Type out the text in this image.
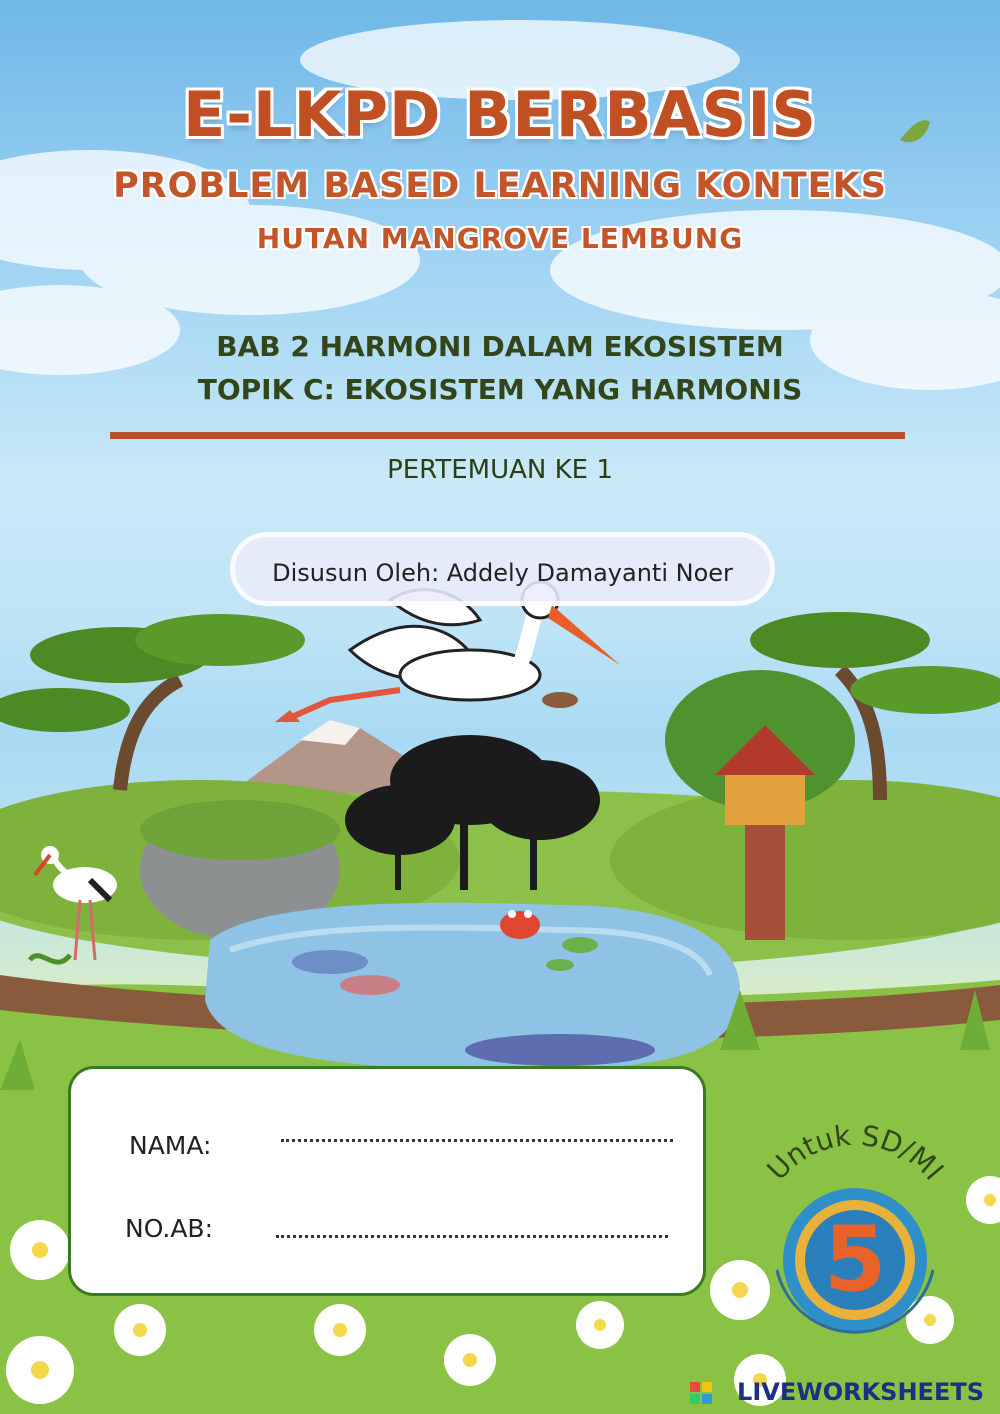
E-LKPD BERBASIS
PROBLEM BASED LEARNING KONTEKS
HUTAN MANGROVE LEMBUNG
BAB 2 HARMONI DALAM EKOSISTEM
TOPIK C: EKOSISTEM YANG HARMONIS
PERTEMUAN KE 1
Disusun Oleh: Addely Damayanti Noer
NAMA:
NO.AB:
Untuk SD/MI
5
LIVEWORKSHEETS
